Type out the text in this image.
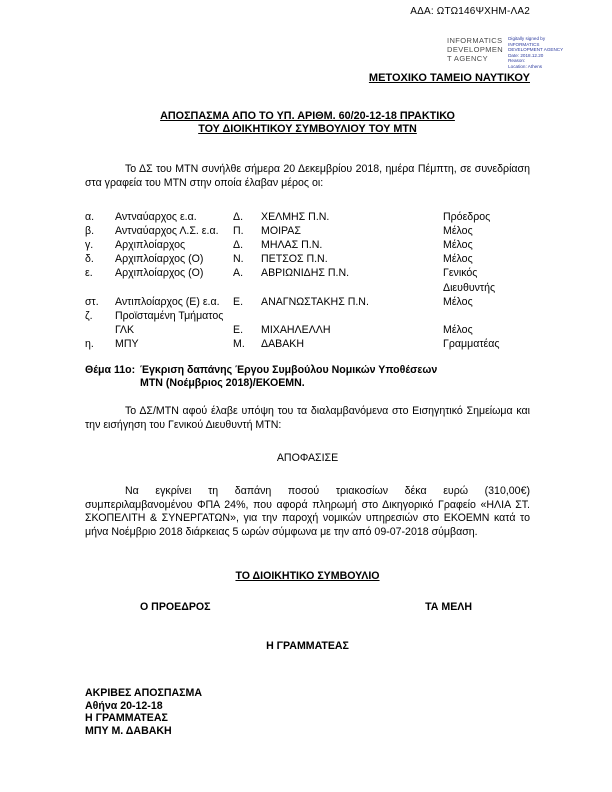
ΑΔΑ: ΩΤΩ146ΨΧΗΜ-ΛΑ2
INFORMATICS
DEVELOPMEN
T AGENCY
Digitally signed by
INFORMATICS
DEVELOPMENT AGENCY
Date: 2018.12.20
Reason:
Location: Athens
ΜΕΤΟΧΙΚΟ ΤΑΜΕΙΟ ΝΑΥΤΙΚΟΥ
ΑΠΟΣΠΑΣΜΑ ΑΠΟ ΤΟ ΥΠ. ΑΡΙΘΜ. 60/20-12-18 ΠΡΑΚΤΙΚΟ
ΤΟΥ ΔΙΟΙΚΗΤΙΚΟΥ ΣΥΜΒΟΥΛΙΟΥ ΤΟΥ ΜΤΝ

Το ΔΣ του ΜΤΝ συνήλθε σήμερα 20 Δεκεμβρίου 2018, ημέρα Πέμπτη, σε συνεδρίαση στα γραφεία του ΜΤΝ στην οποία έλαβαν μέρος οι:

α.	Αντναύαρχος ε.α.	Δ.	ΧΕΛΜΗΣ Π.Ν.	Πρόεδρος
β.	Αντναύαρχος Λ.Σ. ε.α.	Π.	ΜΟΙΡΑΣ	Μέλος
γ.	Αρχιπλοίαρχος	Δ.	ΜΗΛΑΣ Π.Ν.	Μέλος
δ.	Αρχιπλοίαρχος (Ο)	Ν.	ΠΕΤΣΟΣ Π.Ν.	Μέλος
ε.	Αρχιπλοίαρχος (Ο)	Α.	ΑΒΡΙΩΝΙΔΗΣ Π.Ν.	Γενικός
				Διευθυντής
στ.	Αντιπλοίαρχος (Ε) ε.α.	Ε.	ΑΝΑΓΝΩΣΤΑΚΗΣ Π.Ν.	Μέλος
ζ.	Προϊσταμένη Τμήματος			
	ΓΛΚ	Ε.	ΜΙΧΑΗΛΕΛΛΗ	Μέλος
η.	ΜΠΥ	Μ.	ΔΑΒΑΚΗ	Γραμματέας
Θέμα 11ο: Έγκριση δαπάνης Έργου Συμβούλου Νομικών Υποθέσεων
ΜΤΝ (Νοέμβριος 2018)/ΕΚΟΕΜΝ.

Το ΔΣ/ΜΤΝ αφού έλαβε υπόψη του τα διαλαμβανόμενα στο Εισηγητικό Σημείωμα και την εισήγηση του Γενικού Διευθυντή ΜΤΝ:

ΑΠΟΦΑΣΙΣΕ

Να εγκρίνει τη δαπάνη ποσού τριακοσίων δέκα ευρώ (310,00€) συμπεριλαμβανομένου ΦΠΑ 24%, που αφορά πληρωμή στο Δικηγορικό Γραφείο «ΗΛΙΑ ΣΤ. ΣΚΟΠΕΛΙΤΗ & ΣΥΝΕΡΓΑΤΩΝ», για την παροχή νομικών υπηρεσιών στο ΕΚΟΕΜΝ κατά το μήνα Νοέμβριο 2018 διάρκειας 5 ωρών σύμφωνα με την από 09-07-2018 σύμβαση.

ΤΟ ΔΙΟΙΚΗΤΙΚΟ ΣΥΜΒΟΥΛΙΟ
Ο ΠΡΟΕΔΡΟΣ	ΤΑ ΜΕΛΗ
Η ΓΡΑΜΜΑΤΕΑΣ
ΑΚΡΙΒΕΣ ΑΠΟΣΠΑΣΜΑ
Αθήνα 20-12-18
Η ΓΡΑΜΜΑΤΕΑΣ
ΜΠΥ Μ. ΔΑΒΑΚΗ
